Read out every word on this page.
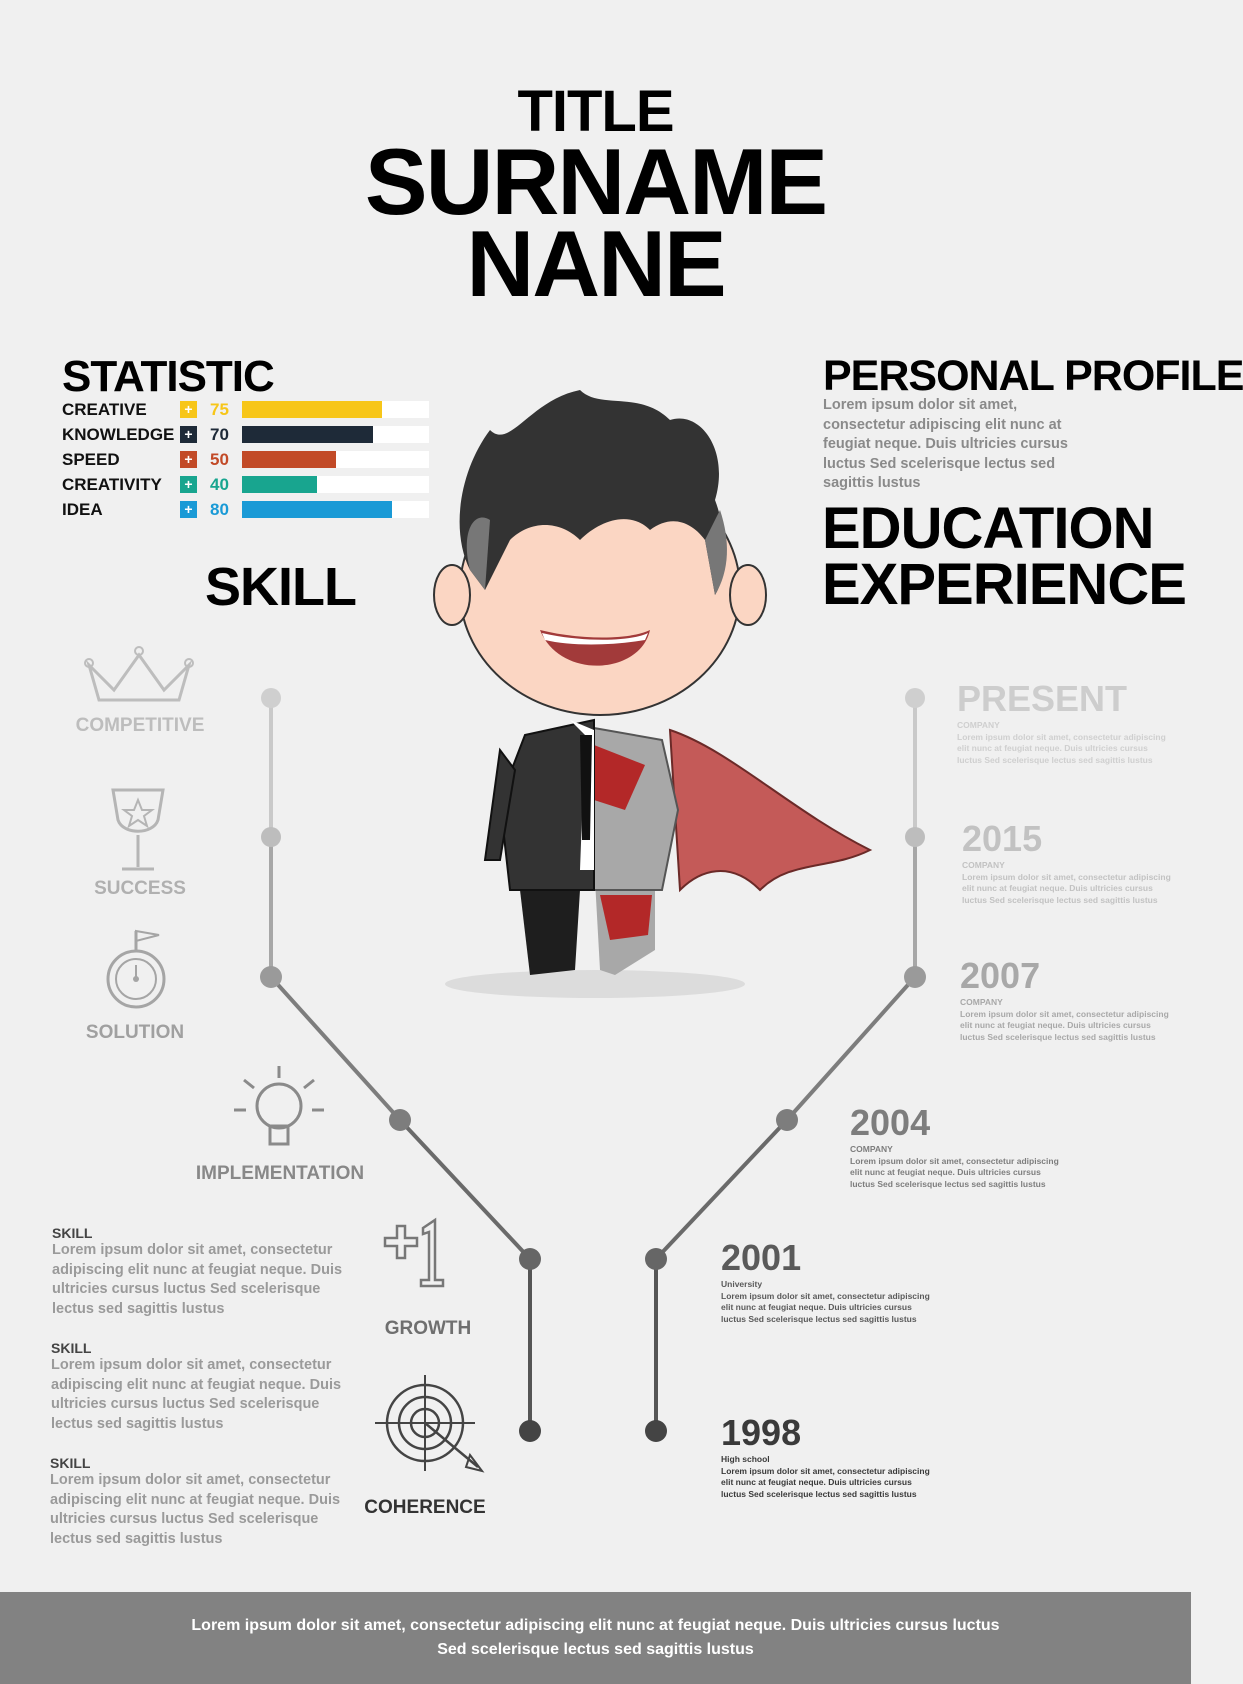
TITLE
SURNAME
NANE
STATISTIC
CREATIVE	+ 75
KNOWLEDGE + 70
SPEED	+ 50
CREATIVITY	+ 40
IDEA	+ 80
SKILL
PERSONAL PROFILE
Lorem ipsum dolor sit amet, consectetur adipiscing elit nunc at feugiat neque. Duis ultricies cursus luctus Sed scelerisque lectus sed sagittis lustus
EDUCATION
EXPERIENCE
COMPETITIVE
SUCCESS
SOLUTION
IMPLEMENTATION
GROWTH
COHERENCE
SKILL
Lorem ipsum dolor sit amet, consectetur adipiscing elit nunc at feugiat neque. Duis ultricies cursus luctus Sed scelerisque lectus sed sagittis lustus
SKILL
Lorem ipsum dolor sit amet, consectetur adipiscing elit nunc at feugiat neque. Duis ultricies cursus luctus Sed scelerisque lectus sed sagittis lustus
SKILL
Lorem ipsum dolor sit amet, consectetur adipiscing elit nunc at feugiat neque. Duis ultricies cursus luctus Sed scelerisque lectus sed sagittis lustus
PRESENT
COMPANY
Lorem ipsum dolor sit amet, consectetur adipiscing elit nunc at feugiat neque. Duis ultricies cursus luctus Sed scelerisque lectus sed sagittis lustus
2015
COMPANY
Lorem ipsum dolor sit amet, consectetur adipiscing elit nunc at feugiat neque. Duis ultricies cursus luctus Sed scelerisque lectus sed sagittis lustus
2007
COMPANY
Lorem ipsum dolor sit amet, consectetur adipiscing elit nunc at feugiat neque. Duis ultricies cursus luctus Sed scelerisque lectus sed sagittis lustus
2004
COMPANY
Lorem ipsum dolor sit amet, consectetur adipiscing elit nunc at feugiat neque. Duis ultricies cursus luctus Sed scelerisque lectus sed sagittis lustus
2001
University
Lorem ipsum dolor sit amet, consectetur adipiscing elit nunc at feugiat neque. Duis ultricies cursus luctus Sed scelerisque lectus sed sagittis lustus
1998
High school
Lorem ipsum dolor sit amet, consectetur adipiscing elit nunc at feugiat neque. Duis ultricies cursus luctus Sed scelerisque lectus sed sagittis lustus
Lorem ipsum dolor sit amet, consectetur adipiscing elit nunc at feugiat neque. Duis ultricies cursus luctus
Sed scelerisque lectus sed sagittis lustus
